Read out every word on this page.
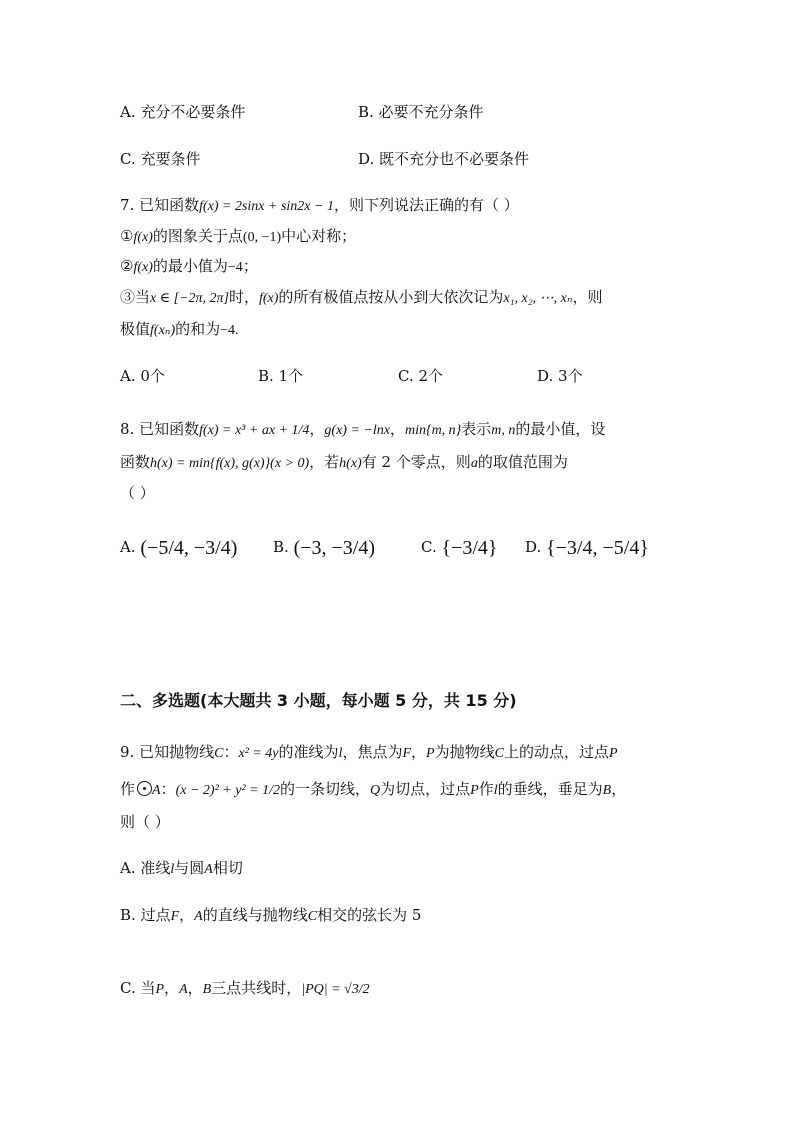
A. 充分不必要条件	B. 必要不充分条件
C. 充要条件	D. 既不充分也不必要条件
7. 已知函数f(x) = 2sinx + sin2x − 1，则下列说法正确的有（ ）
①f(x)的图象关于点(0, −1)中心对称；
②f(x)的最小值为−4；
③当x ∈ [−2π, 2π]时，f(x)的所有极值点按从小到大依次记为x₁, x₂, ⋯, xₙ，则
极值f(xₙ)的和为−4.
A. 0个	B. 1个	C. 2个	D. 3个
8. 已知函数f(x) = x³ + ax + 1/4，g(x) = −lnx，min{m, n}表示m, n的最小值，设
函数h(x) = min{f(x), g(x)}(x > 0)，若h(x)有 2 个零点，则a的取值范围为
（ ）
A. (−5/4, −3/4) B. (−3, −3/4)	C. {−3/4} D. {−3/4, −5/4}
二、多选题(本大题共 3 小题，每小题 5 分，共 15 分)
9. 已知抛物线C：x² = 4y的准线为l，焦点为F，P为抛物线C上的动点，过点P
作 A：(x − 2)² + y² = 1/2的一条切线，Q为切点，过点P作l的垂线，垂足为B，
则（ ）
A. 准线l与圆A相切
B. 过点F，A的直线与抛物线C相交的弦长为 5
C. 当P，A，B三点共线时，|PQ| = √3/2
